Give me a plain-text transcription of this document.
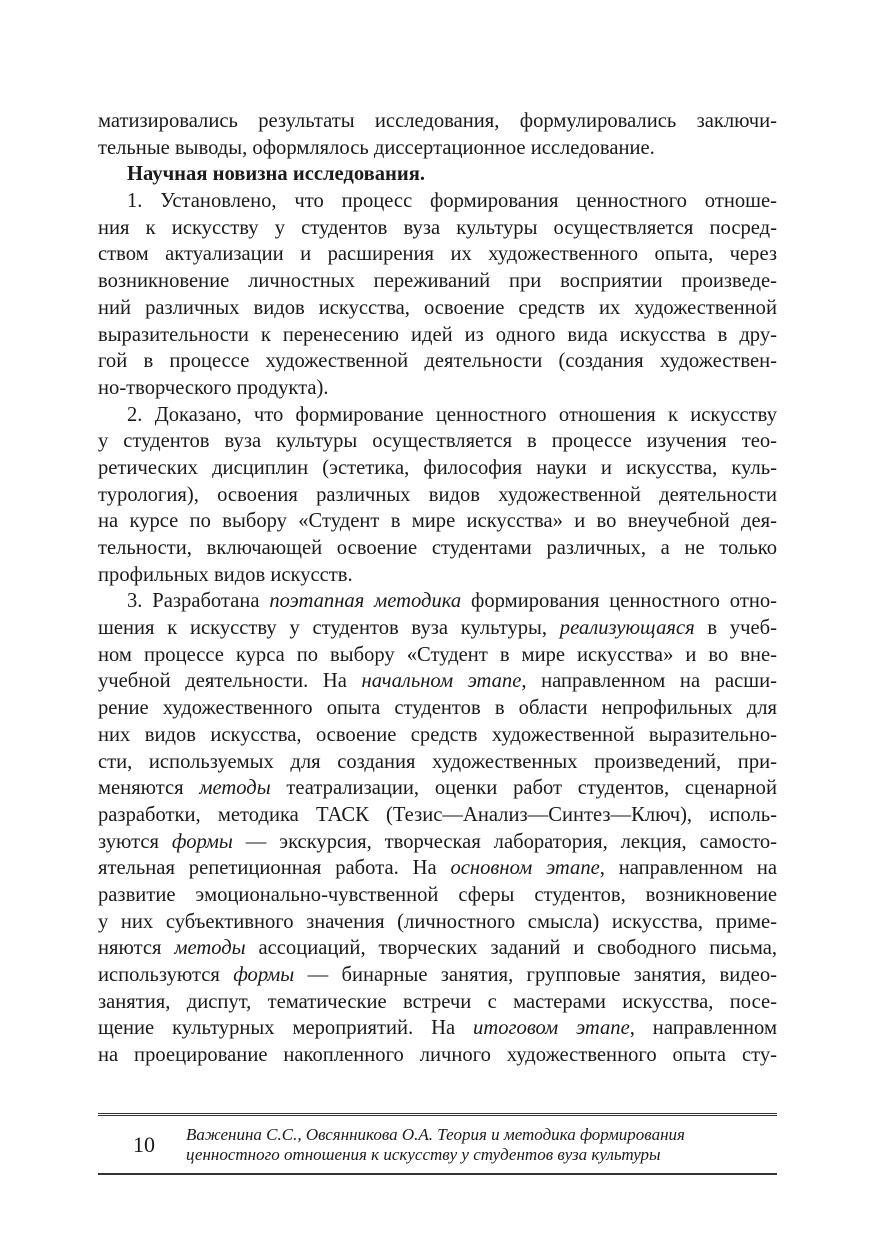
матизировались результаты исследования, формулировались заключи-
тельные выводы, оформлялось диссертационное исследование.
Научная новизна исследования.
1. Установлено, что процесс формирования ценностного отноше-
ния к искусству у студентов вуза культуры осуществляется посред-
ством актуализации и расширения их художественного опыта, через
возникновение личностных переживаний при восприятии произведе-
ний различных видов искусства, освоение средств их художественной
выразительности к перенесению идей из одного вида искусства в дру-
гой в процессе художественной деятельности (создания художествен-
но-творческого продукта).
2. Доказано, что формирование ценностного отношения к искусству
у студентов вуза культуры осуществляется в процессе изучения тео-
ретических дисциплин (эстетика, философия науки и искусства, куль-
турология), освоения различных видов художественной деятельности
на курсе по выбору «Студент в мире искусства» и во внеучебной дея-
тельности, включающей освоение студентами различных, а не только
профильных видов искусств.
3. Разработана поэтапная методика формирования ценностного отно-
шения к искусству у студентов вуза культуры, реализующаяся в учеб-
ном процессе курса по выбору «Студент в мире искусства» и во вне-
учебной деятельности. На начальном этапе, направленном на расши-
рение художественного опыта студентов в области непрофильных для
них видов искусства, освоение средств художественной выразительно-
сти, используемых для создания художественных произведений, при-
меняются методы театрализации, оценки работ студентов, сценарной
разработки, методика ТАСК (Тезис—Анализ—Синтез—Ключ), исполь-
зуются формы — экскурсия, творческая лаборатория, лекция, самосто-
ятельная репетиционная работа. На основном этапе, направленном на
развитие эмоционально-чувственной сферы студентов, возникновение
у них субъективного значения (личностного смысла) искусства, приме-
няются методы ассоциаций, творческих заданий и свободного письма,
используются формы — бинарные занятия, групповые занятия, видео-
занятия, диспут, тематические встречи с мастерами искусства, посе-
щение культурных мероприятий. На итоговом этапе, направленном
на проецирование накопленного личного художественного опыта сту-
10 Важенина С.С., Овсянникова О.А. Теория и методика формирования
ценностного отношения к искусству у студентов вуза культуры
